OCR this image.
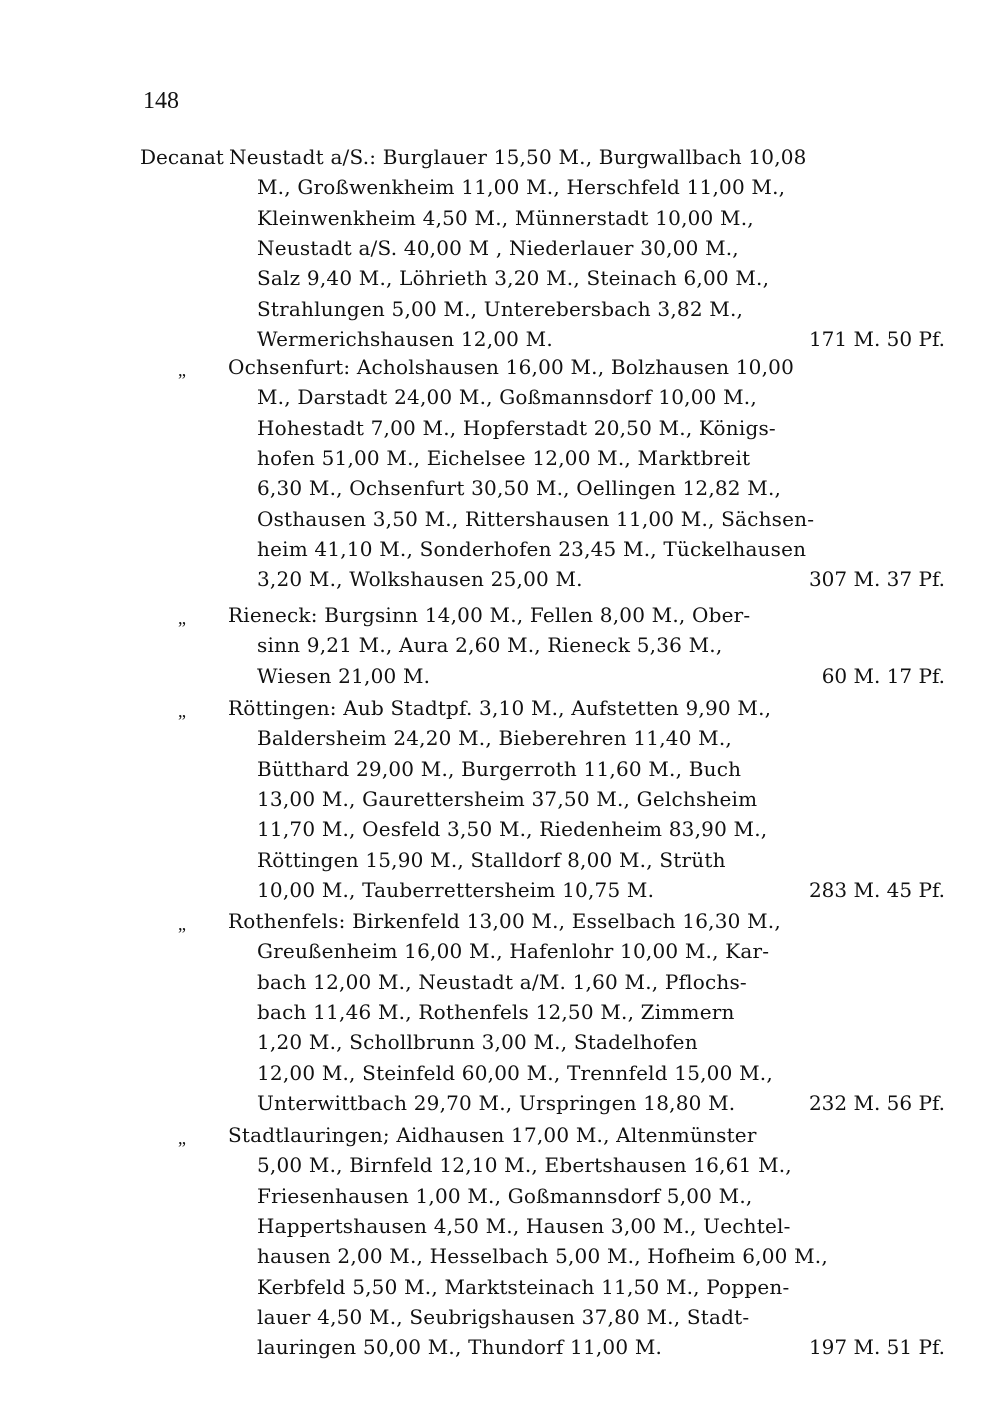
148
Decanat Neustadt a/S.: Burglauer 15,50 M., Burgwallbach 10,08
M., Großwenkheim 11,00 M., Herschfeld 11,00 M.,
Kleinwenkheim 4,50 M., Münnerstadt 10,00 M.,
Neustadt a/S. 40,00 M , Niederlauer 30,00 M.,
Salz 9,40 M., Löhrieth 3,20 M., Steinach 6,00 M.,
Strahlungen 5,00 M., Unterebersbach 3,82 M.,
Wermerichshausen 12,00 M.	171 M. 50 Pf.
„ Ochsenfurt: Acholshausen 16,00 M., Bolzhausen 10,00
M., Darstadt 24,00 M., Goßmannsdorf 10,00 M.,
Hohestadt 7,00 M., Hopferstadt 20,50 M., Königs-
hofen 51,00 M., Eichelsee 12,00 M., Marktbreit
6,30 M., Ochsenfurt 30,50 M., Oellingen 12,82 M.,
Osthausen 3,50 M., Rittershausen 11,00 M., Sächsen-
heim 41,10 M., Sonderhofen 23,45 M., Tückelhausen
3,20 M., Wolkshausen 25,00 M.	307 M. 37 Pf.
„ Rieneck: Burgsinn 14,00 M., Fellen 8,00 M., Ober-
sinn 9,21 M., Aura 2,60 M., Rieneck 5,36 M.,
Wiesen 21,00 M.	60 M. 17 Pf.
„ Röttingen: Aub Stadtpf. 3,10 M., Aufstetten 9,90 M.,
Baldersheim 24,20 M., Bieberehren 11,40 M.,
Bütthard 29,00 M., Burgerroth 11,60 M., Buch
13,00 M., Gaurettersheim 37,50 M., Gelchsheim
11,70 M., Oesfeld 3,50 M., Riedenheim 83,90 M.,
Röttingen 15,90 M., Stalldorf 8,00 M., Strüth
10,00 M., Tauberrettersheim 10,75 M.	283 M. 45 Pf.
„ Rothenfels: Birkenfeld 13,00 M., Esselbach 16,30 M.,
Greußenheim 16,00 M., Hafenlohr 10,00 M., Kar-
bach 12,00 M., Neustadt a/M. 1,60 M., Pflochs-
bach 11,46 M., Rothenfels 12,50 M., Zimmern
1,20 M., Schollbrunn 3,00 M., Stadelhofen
12,00 M., Steinfeld 60,00 M., Trennfeld 15,00 M.,
Unterwittbach 29,70 M., Urspringen 18,80 M.	232 M. 56 Pf.
„ Stadtlauringen; Aidhausen 17,00 M., Altenmünster
5,00 M., Birnfeld 12,10 M., Ebertshausen 16,61 M.,
Friesenhausen 1,00 M., Goßmannsdorf 5,00 M.,
Happertshausen 4,50 M., Hausen 3,00 M., Uechtel-
hausen 2,00 M., Hesselbach 5,00 M., Hofheim 6,00 M.,
Kerbfeld 5,50 M., Marktsteinach 11,50 M., Poppen-
lauer 4,50 M., Seubrigshausen 37,80 M., Stadt-
lauringen 50,00 M., Thundorf 11,00 M.	197 M. 51 Pf.
